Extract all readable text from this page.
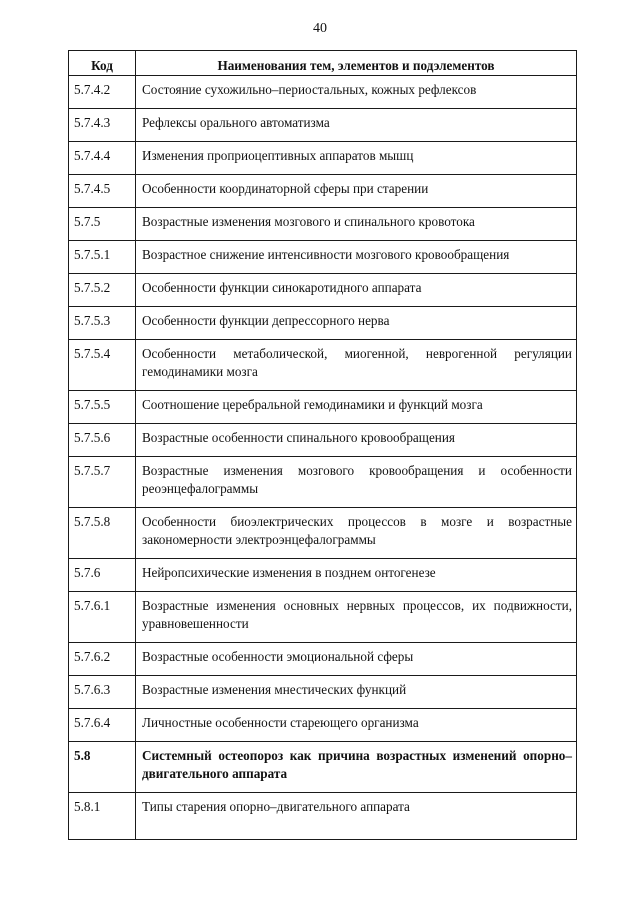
40
Код	Наименования тем, элементов и подэлементов
5.7.4.2	Состояние сухожильно–периостальных, кожных рефлексов
5.7.4.3	Рефлексы орального автоматизма
5.7.4.4	Изменения проприоцептивных аппаратов мышц
5.7.4.5	Особенности координаторной сферы при старении
5.7.5	Возрастные изменения мозгового и спинального кровотока
5.7.5.1	Возрастное снижение интенсивности мозгового кровообращения
5.7.5.2	Особенности функции синокаротидного аппарата
5.7.5.3	Особенности функции депрессорного нерва
5.7.5.4	Особенности метаболической, миогенной, неврогенной регуляции гемодинамики мозга
5.7.5.5	Соотношение церебральной гемодинамики и функций мозга
5.7.5.6	Возрастные особенности спинального кровообращения
5.7.5.7	Возрастные изменения мозгового кровообращения и особенности реоэнцефалограммы
5.7.5.8	Особенности биоэлектрических процессов в мозге и возрастные закономерности электроэнцефалограммы
5.7.6	Нейропсихические изменения в позднем онтогенезе
5.7.6.1	Возрастные изменения основных нервных процессов, их подвижности, уравновешенности
5.7.6.2	Возрастные особенности эмоциональной сферы
5.7.6.3	Возрастные изменения мнестических функций
5.7.6.4	Личностные особенности стареющего организма
5.8	Системный остеопороз как причина возрастных изменений опорно–двигательного аппарата
5.8.1	Типы старения опорно–двигательного аппарата
